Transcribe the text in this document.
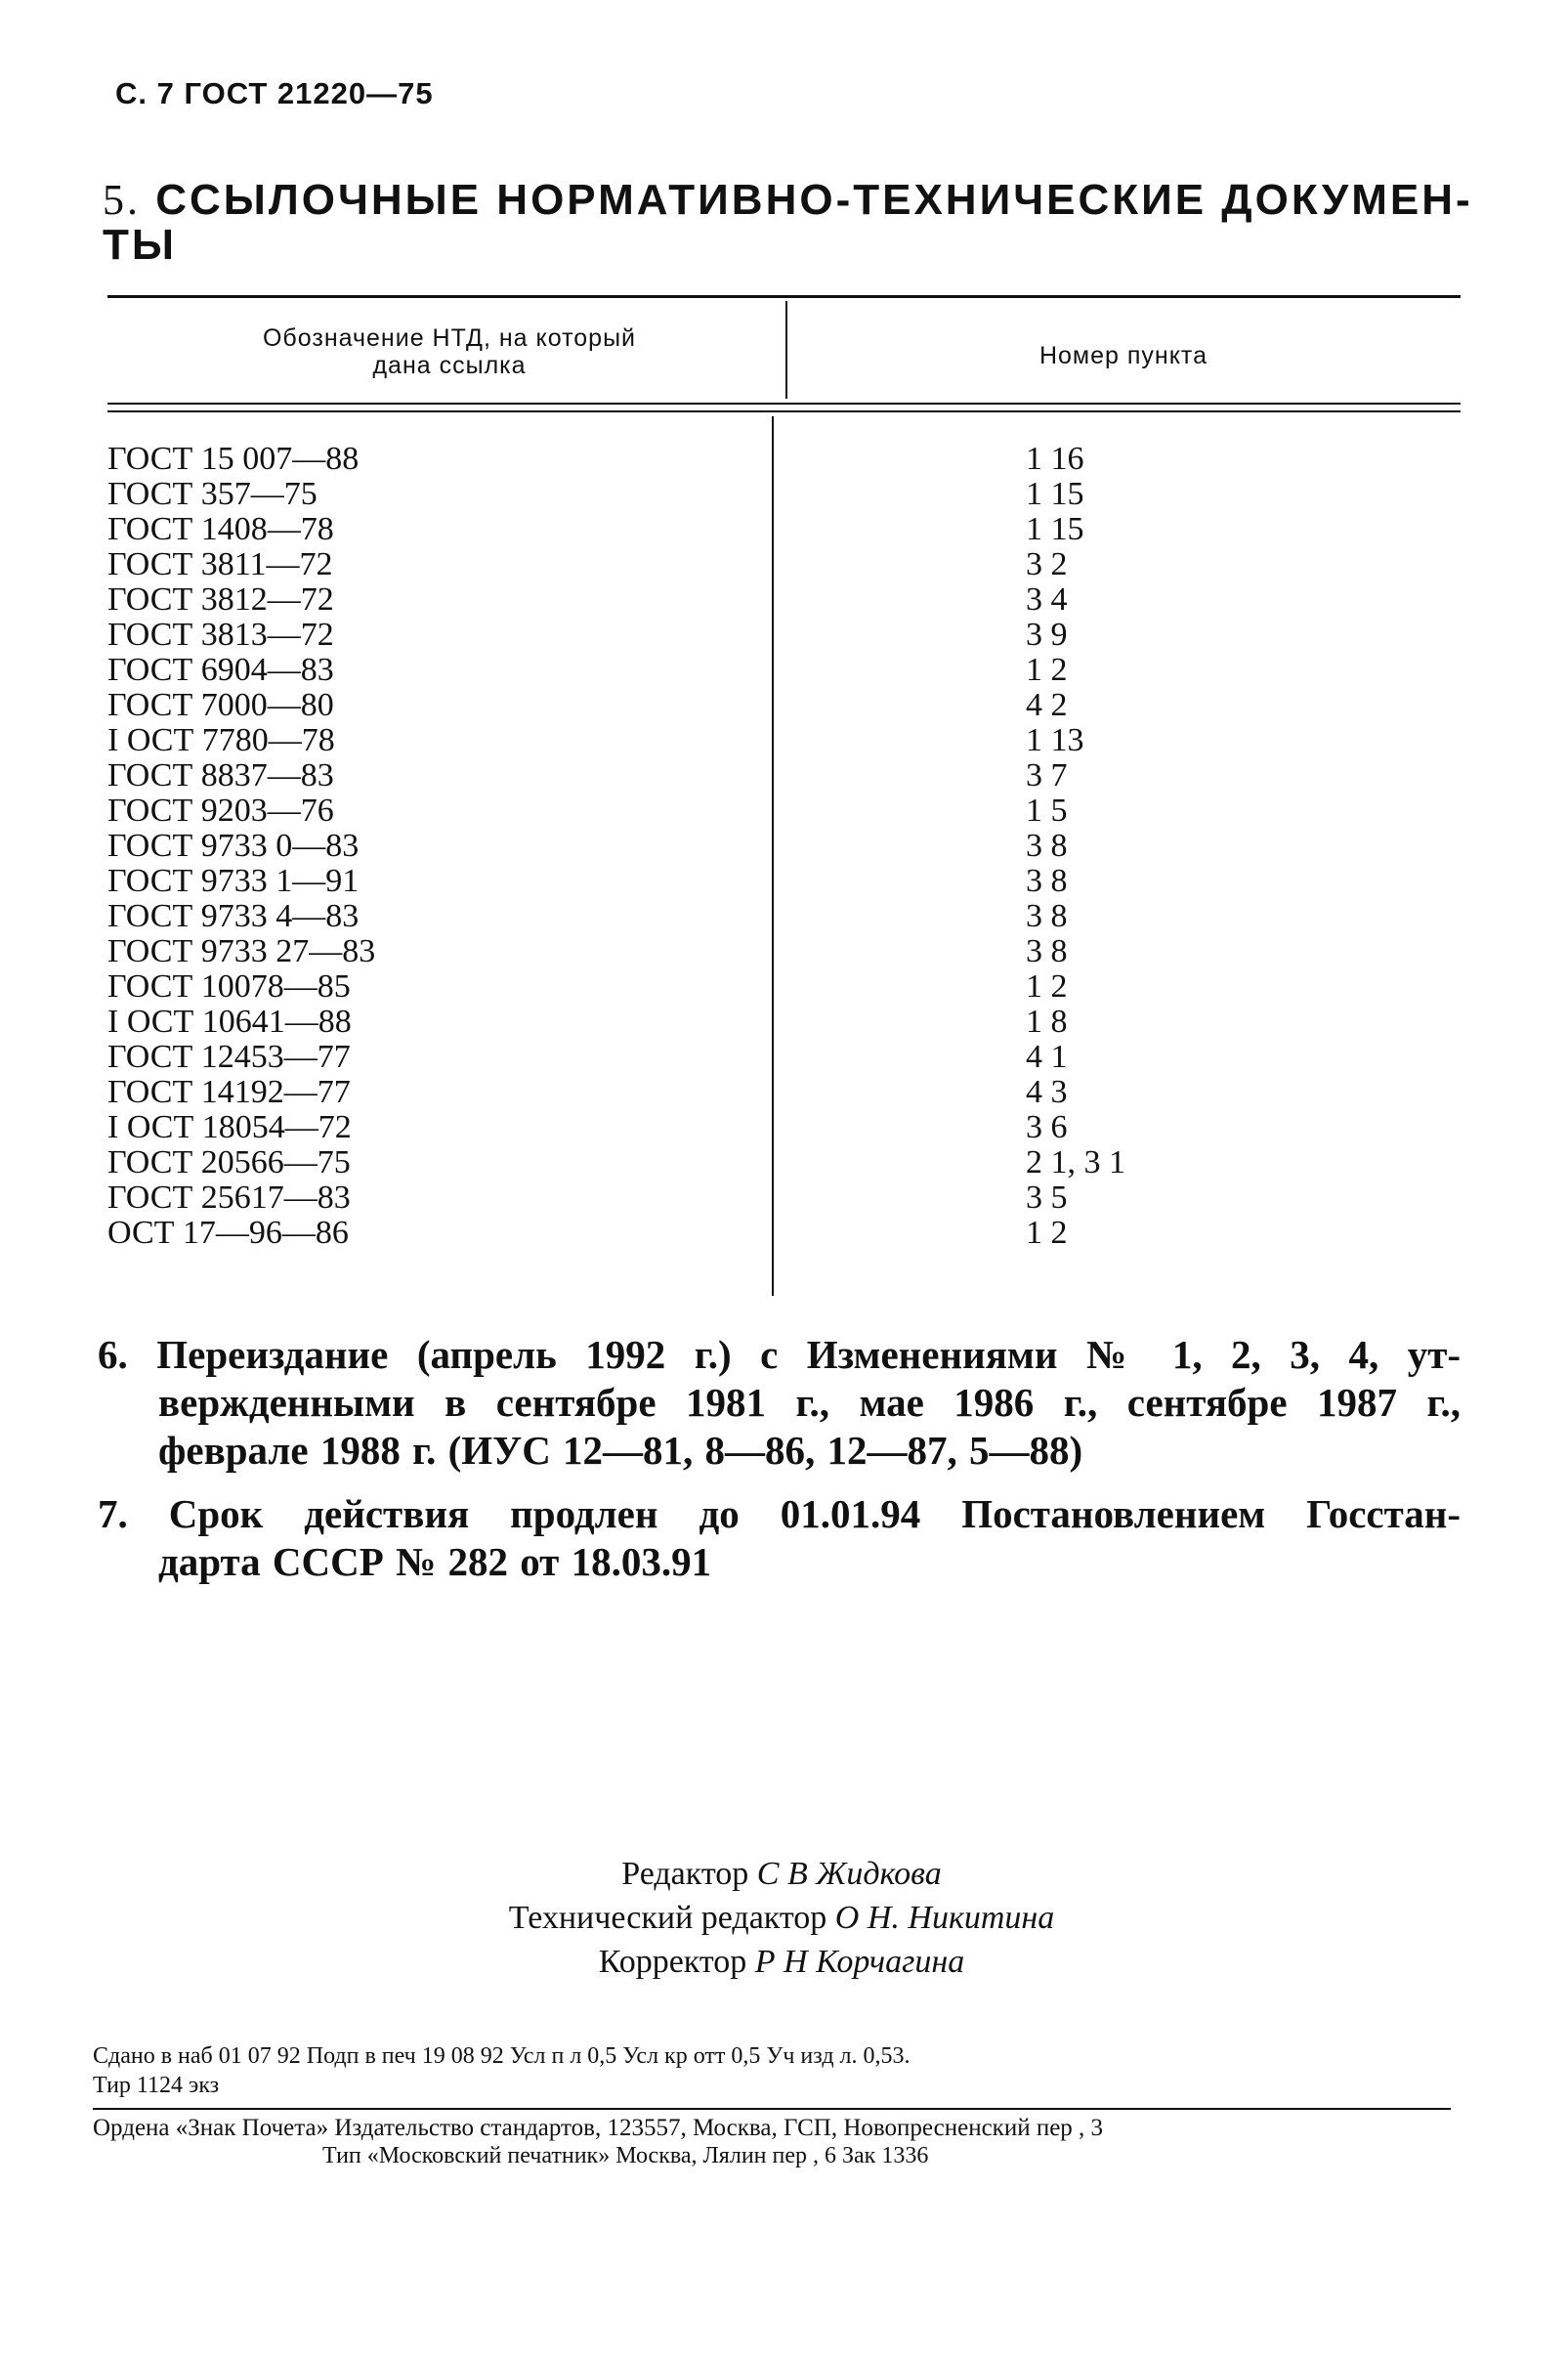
С. 7 ГОСТ 21220—75
5. ССЫЛОЧНЫЕ НОРМАТИВНО-ТЕХНИЧЕСКИЕ ДОКУМЕН-
ТЫ
Обозначение НТД, на который
дана ссылка	Номер пункта
ГОСТ 15 007—88
ГОСТ 357—75
ГОСТ 1408—78
ГОСТ 3811—72
ГОСТ 3812—72
ГОСТ 3813—72
ГОСТ 6904—83
ГОСТ 7000—80
I ОСТ 7780—78
ГОСТ 8837—83
ГОСТ 9203—76
ГОСТ 9733 0—83
ГОСТ 9733 1—91
ГОСТ 9733 4—83
ГОСТ 9733 27—83
ГОСТ 10078—85
I ОСТ 10641—88
ГОСТ 12453—77
ГОСТ 14192—77
I ОСТ 18054—72
ГОСТ 20566—75
ГОСТ 25617—83
ОСТ 17—96—86
1 16
1 15
1 15
3 2
3 4
3 9
1 2
4 2
1 13
3 7
1 5
3 8
3 8
3 8
3 8
1 2
1 8
4 1
4 3
3 6
2 1, 3 1
3 5
1 2
6. Переиздание (апрель 1992 г.) с Изменениями № 1, 2, 3, 4, ут-
вержденными в сентябре 1981 г., мае 1986 г., сентябре 1987 г.,
феврале 1988 г. (ИУС 12—81, 8—86, 12—87, 5—88)
7. Срок действия продлен до 01.01.94 Постановлением Госстан-
дарта СССР № 282 от 18.03.91
Редактор С В Жидкова
Технический редактор О Н. Никитина
Корректор Р Н Корчагина
Сдано в наб 01 07 92 Подп в печ 19 08 92 Усл п л 0,5 Усл кр отт 0,5 Уч изд л. 0,53.
Тир 1124 экз
Ордена «Знак Почета» Издательство стандартов, 123557, Москва, ГСП, Новопресненский пер , 3
Тип «Московский печатник» Москва, Лялин пер , 6 Зак 1336
